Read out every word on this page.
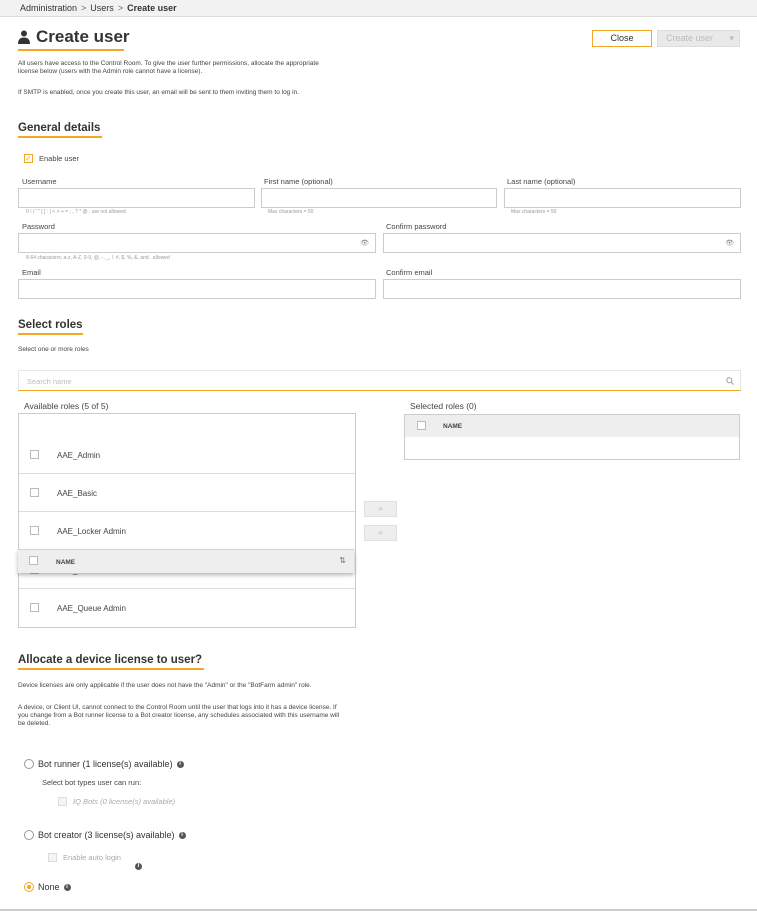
Administration > Users > Create user
Create user	Close	Create user ▾
All users have access to the Control Room. To give the user further permissions, allocate the appropriate license below (users with the Admin role cannot have a license).
If SMTP is enabled, once you create this user, an email will be sent to them inviting them to log in.
General details
✓ Enable user
Username
0 \ / ' " [ ] : | < > + = ; , ? * @ . are not allowed
First name (optional)
Max characters = 50
Last name (optional)
Max characters = 50
Password
👁
8-64 characters; a-z, A-Z, 0-9, @, -, _, !, #, $, %, &, and . allowed
Confirm password
👁
Email	Confirm email
Select roles
Select one or more roles
Search name
Available roles (5 of 5)	Selected roles (0)
AAE_Admin
AAE_Basic
AAE_Locker Admin
AAE_Queue Admin
NAME	⇅
»
«
NAME
Allocate a device license to user?
Device licenses are only applicable if the user does not have the "Admin" or the "BotFarm admin" role.
A device, or Client UI, cannot connect to the Control Room until the user that logs into it has a device license. If you change from a Bot runner license to a Bot creator license, any schedules associated with this username will be deleted.
Bot runner (1 license(s) available)	i
Select bot types user can run:
IQ Bots (0 license(s) available)
Bot creator (3 license(s) available)	i
Enable auto login
i
None	i
